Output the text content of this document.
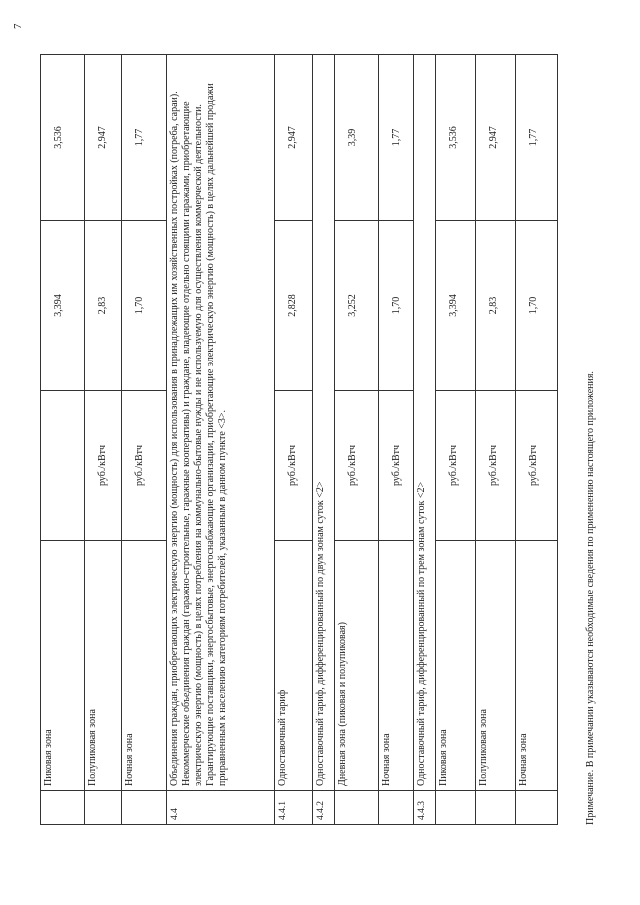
	Пиковая зона		3,394	3,536
	Полупиковая зона	руб./кВтч	2,83	2,947
	Ночная зона	руб./кВтч	1,70	1,77
4.4	Объединения граждан, приобретающих электрическую энергию (мощность) для использования в принадлежащих им хозяйственных постройках (погреба, сараи). Некоммерческие объединения граждан (гаражно-строительные, гаражные кооперативы) и граждане, владеющие отдельно стоящими гаражами, приобретающие электрическую энергию (мощность) в целях потребления на коммунально-бытовые нужды и не используемую для осуществления коммерческой деятельности. Гарантирующие поставщики, энергосбытовые, энергоснабжающие организации, приобретающие электрическую энергию (мощность) в целях дальнейшей продажи приравненным к населению категориям потребителей, указанным в данном пункте <3>.			

4.4.1	Одноставочный тариф	руб./кВтч	2,828	2,947
4.4.2	Одноставочный тариф, дифференцированный по двум зонам суток <2>			
	Дневная зона (пиковая и полупиковая)	руб./кВтч	3,252	3,39
	Ночная зона	руб./кВтч	1,70	1,77
4.4.3	Одноставочный тариф, дифференцированный по трем зонам суток <2>			
	Пиковая зона	руб./кВтч	3,394	3,536
	Полупиковая зона	руб./кВтч	2,83	2,947
	Ночная зона	руб./кВтч	1,70	1,77
Примечание. В примечании указываются необходимые сведения по применению настоящего приложения.
7
